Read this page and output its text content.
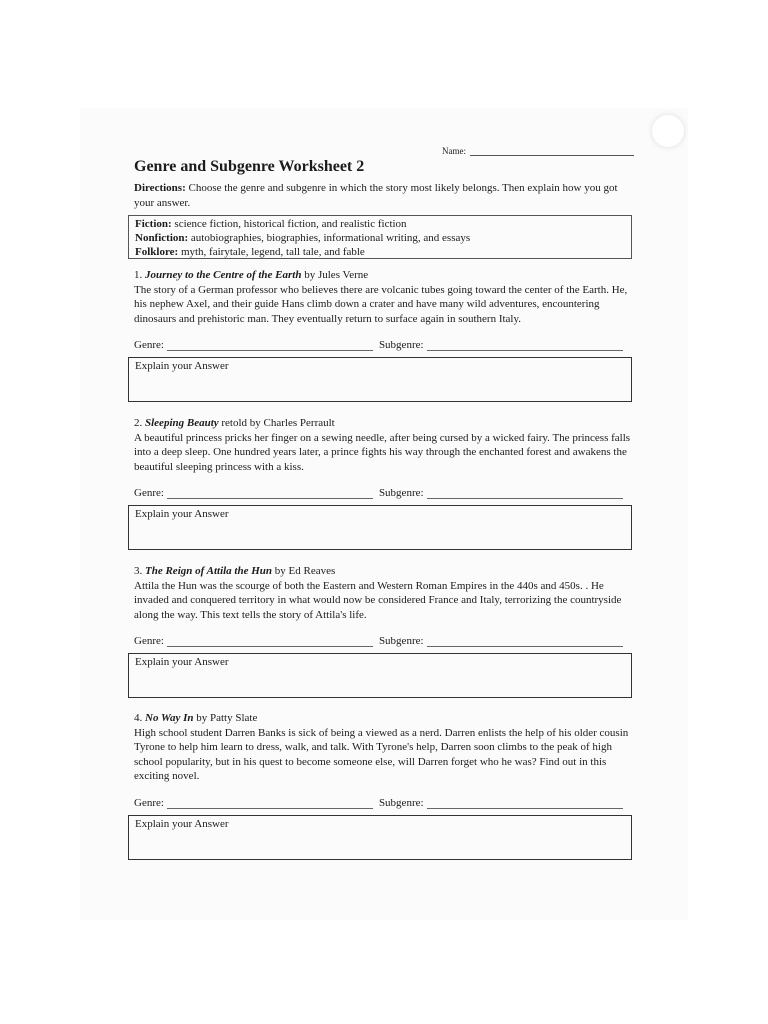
Name:
Genre and Subgenre Worksheet 2
Directions: Choose the genre and subgenre in which the story most likely belongs. Then explain how you got your answer.
Fiction: science fiction, historical fiction, and realistic fiction
Nonfiction: autobiographies, biographies, informational writing, and essays
Folklore: myth, fairytale, legend, tall tale, and fable

1. Journey to the Centre of the Earth by Jules Verne

The story of a German professor who believes there are volcanic tubes going toward the center of the Earth. He, his nephew Axel, and their guide Hans climb down a crater and have many wild adventures, encountering dinosaurs and prehistoric man. They eventually return to surface again in southern Italy.

Genre:	Subgenre:
Explain your Answer

2. Sleeping Beauty retold by Charles Perrault

A beautiful princess pricks her finger on a sewing needle, after being cursed by a wicked fairy. The princess falls into a deep sleep. One hundred years later, a prince fights his way through the enchanted forest and awakens the beautiful sleeping princess with a kiss.

Genre:	Subgenre:
Explain your Answer

3. The Reign of Attila the Hun by Ed Reaves

Attila the Hun was the scourge of both the Eastern and Western Roman Empires in the 440s and 450s. . He invaded and conquered territory in what would now be considered France and Italy, terrorizing the countryside along the way. This text tells the story of Attila's life.

Genre:	Subgenre:
Explain your Answer

4. No Way In by Patty Slate

High school student Darren Banks is sick of being a viewed as a nerd. Darren enlists the help of his older cousin Tyrone to help him learn to dress, walk, and talk. With Tyrone's help, Darren soon climbs to the peak of high school popularity, but in his quest to become someone else, will Darren forget who he was? Find out in this exciting novel.

Genre:	Subgenre:
Explain your Answer
